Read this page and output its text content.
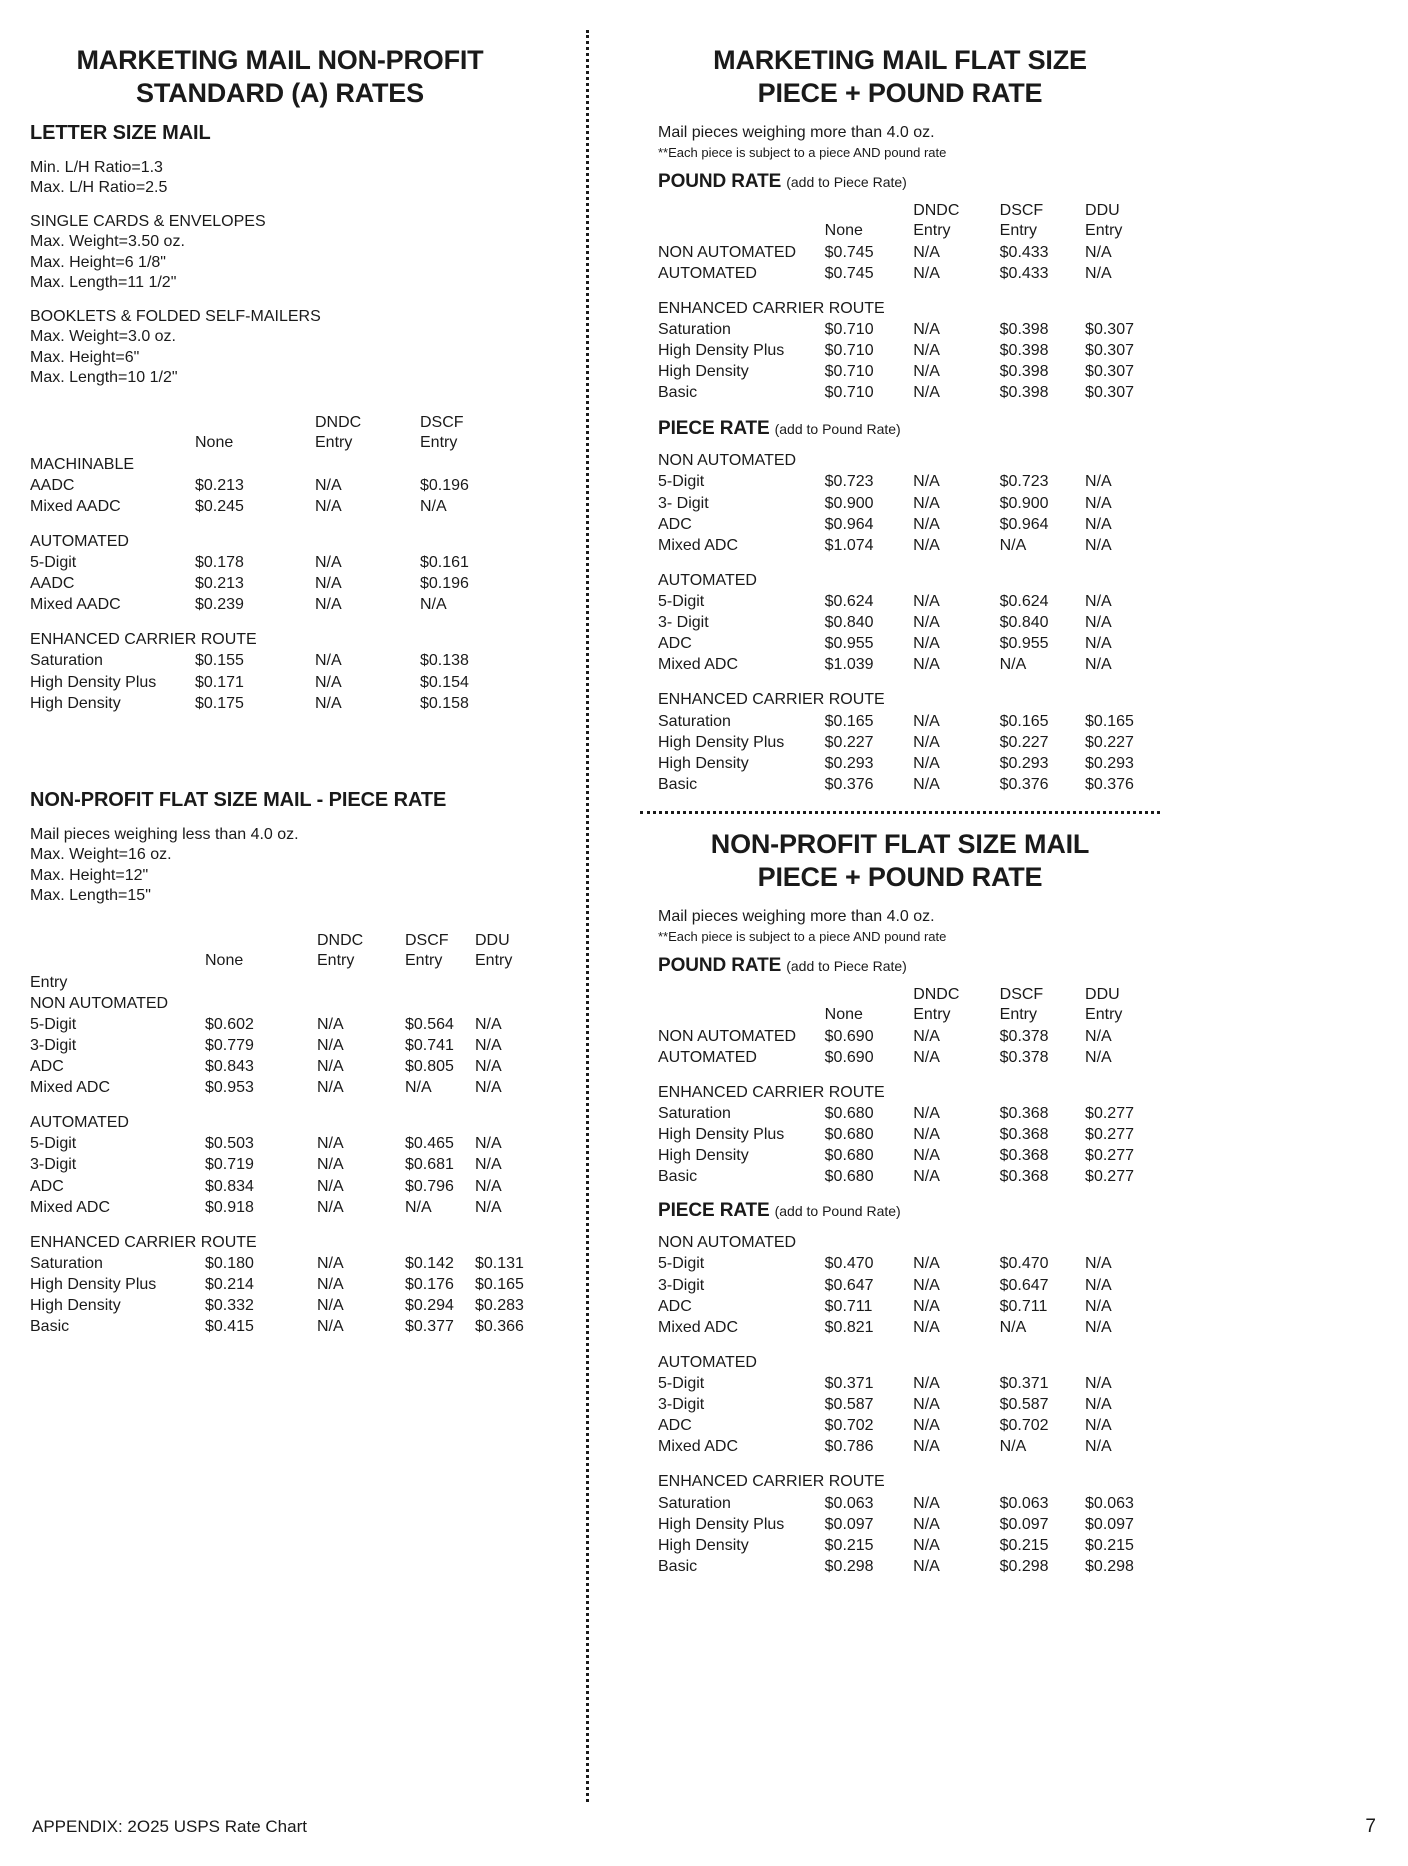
MARKETING MAIL NON-PROFIT
STANDARD (A) RATES
LETTER SIZE MAIL
Min. L/H Ratio=1.3
Max. L/H Ratio=2.5
SINGLE CARDS & ENVELOPES
Max. Weight=3.50 oz.
Max. Height=6 1/8"
Max. Length=11 1/2"
BOOKLETS & FOLDED SELF-MAILERS
Max. Weight=3.0 oz.
Max. Height=6"
Max. Length=10 1/2"
		DNDC	DSCF
	None	Entry	Entry
MACHINABLE			
AADC	$0.213	N/A	$0.196
Mixed AADC	$0.245	N/A	N/A

AUTOMATED			
5-Digit	$0.178	N/A	$0.161
AADC	$0.213	N/A	$0.196
Mixed AADC	$0.239	N/A	N/A

ENHANCED CARRIER ROUTE			
Saturation	$0.155	N/A	$0.138
High Density Plus	$0.171	N/A	$0.154
High Density	$0.175	N/A	$0.158
NON-PROFIT FLAT SIZE MAIL - PIECE RATE
Mail pieces weighing less than 4.0 oz.
Max. Weight=16 oz.
Max. Height=12"
Max. Length=15"
		DNDC	DSCF	DDU
	None	Entry	Entry	Entry
Entry				
NON AUTOMATED				
5-Digit	$0.602	N/A	$0.564	N/A
3-Digit	$0.779	N/A	$0.741	N/A
ADC	$0.843	N/A	$0.805	N/A
Mixed ADC	$0.953	N/A	N/A	N/A

AUTOMATED				
5-Digit	$0.503	N/A	$0.465	N/A
3-Digit	$0.719	N/A	$0.681	N/A
ADC	$0.834	N/A	$0.796	N/A
Mixed ADC	$0.918	N/A	N/A	N/A

ENHANCED CARRIER ROUTE				
Saturation	$0.180	N/A	$0.142	$0.131
High Density Plus	$0.214	N/A	$0.176	$0.165
High Density	$0.332	N/A	$0.294	$0.283
Basic	$0.415	N/A	$0.377	$0.366
MARKETING MAIL FLAT SIZE
PIECE + POUND RATE
Mail pieces weighing more than 4.0 oz.
**Each piece is subject to a piece AND pound rate
POUND RATE (add to Piece Rate)
		DNDC	DSCF	DDU
	None	Entry	Entry	Entry
NON AUTOMATED	$0.745	N/A	$0.433	N/A
AUTOMATED	$0.745	N/A	$0.433	N/A

ENHANCED CARRIER ROUTE				
Saturation	$0.710	N/A	$0.398	$0.307
High Density Plus	$0.710	N/A	$0.398	$0.307
High Density	$0.710	N/A	$0.398	$0.307
Basic	$0.710	N/A	$0.398	$0.307
PIECE RATE (add to Pound Rate)
NON AUTOMATED				
5-Digit	$0.723	N/A	$0.723	N/A
3- Digit	$0.900	N/A	$0.900	N/A
ADC	$0.964	N/A	$0.964	N/A
Mixed ADC	$1.074	N/A	N/A	N/A

AUTOMATED				
5-Digit	$0.624	N/A	$0.624	N/A
3- Digit	$0.840	N/A	$0.840	N/A
ADC	$0.955	N/A	$0.955	N/A
Mixed ADC	$1.039	N/A	N/A	N/A

ENHANCED CARRIER ROUTE				
Saturation	$0.165	N/A	$0.165	$0.165
High Density Plus	$0.227	N/A	$0.227	$0.227
High Density	$0.293	N/A	$0.293	$0.293
Basic	$0.376	N/A	$0.376	$0.376
NON-PROFIT FLAT SIZE MAIL
PIECE + POUND RATE
Mail pieces weighing more than 4.0 oz.
**Each piece is subject to a piece AND pound rate
POUND RATE (add to Piece Rate)
		DNDC	DSCF	DDU
	None	Entry	Entry	Entry
NON AUTOMATED	$0.690	N/A	$0.378	N/A
AUTOMATED	$0.690	N/A	$0.378	N/A

ENHANCED CARRIER ROUTE				
Saturation	$0.680	N/A	$0.368	$0.277
High Density Plus	$0.680	N/A	$0.368	$0.277
High Density	$0.680	N/A	$0.368	$0.277
Basic	$0.680	N/A	$0.368	$0.277
PIECE RATE (add to Pound Rate)
NON AUTOMATED				
5-Digit	$0.470	N/A	$0.470	N/A
3-Digit	$0.647	N/A	$0.647	N/A
ADC	$0.711	N/A	$0.711	N/A
Mixed ADC	$0.821	N/A	N/A	N/A

AUTOMATED				
5-Digit	$0.371	N/A	$0.371	N/A
3-Digit	$0.587	N/A	$0.587	N/A
ADC	$0.702	N/A	$0.702	N/A
Mixed ADC	$0.786	N/A	N/A	N/A

ENHANCED CARRIER ROUTE				
Saturation	$0.063	N/A	$0.063	$0.063
High Density Plus	$0.097	N/A	$0.097	$0.097
High Density	$0.215	N/A	$0.215	$0.215
Basic	$0.298	N/A	$0.298	$0.298
APPENDIX: 2O25 USPS Rate Chart	7
